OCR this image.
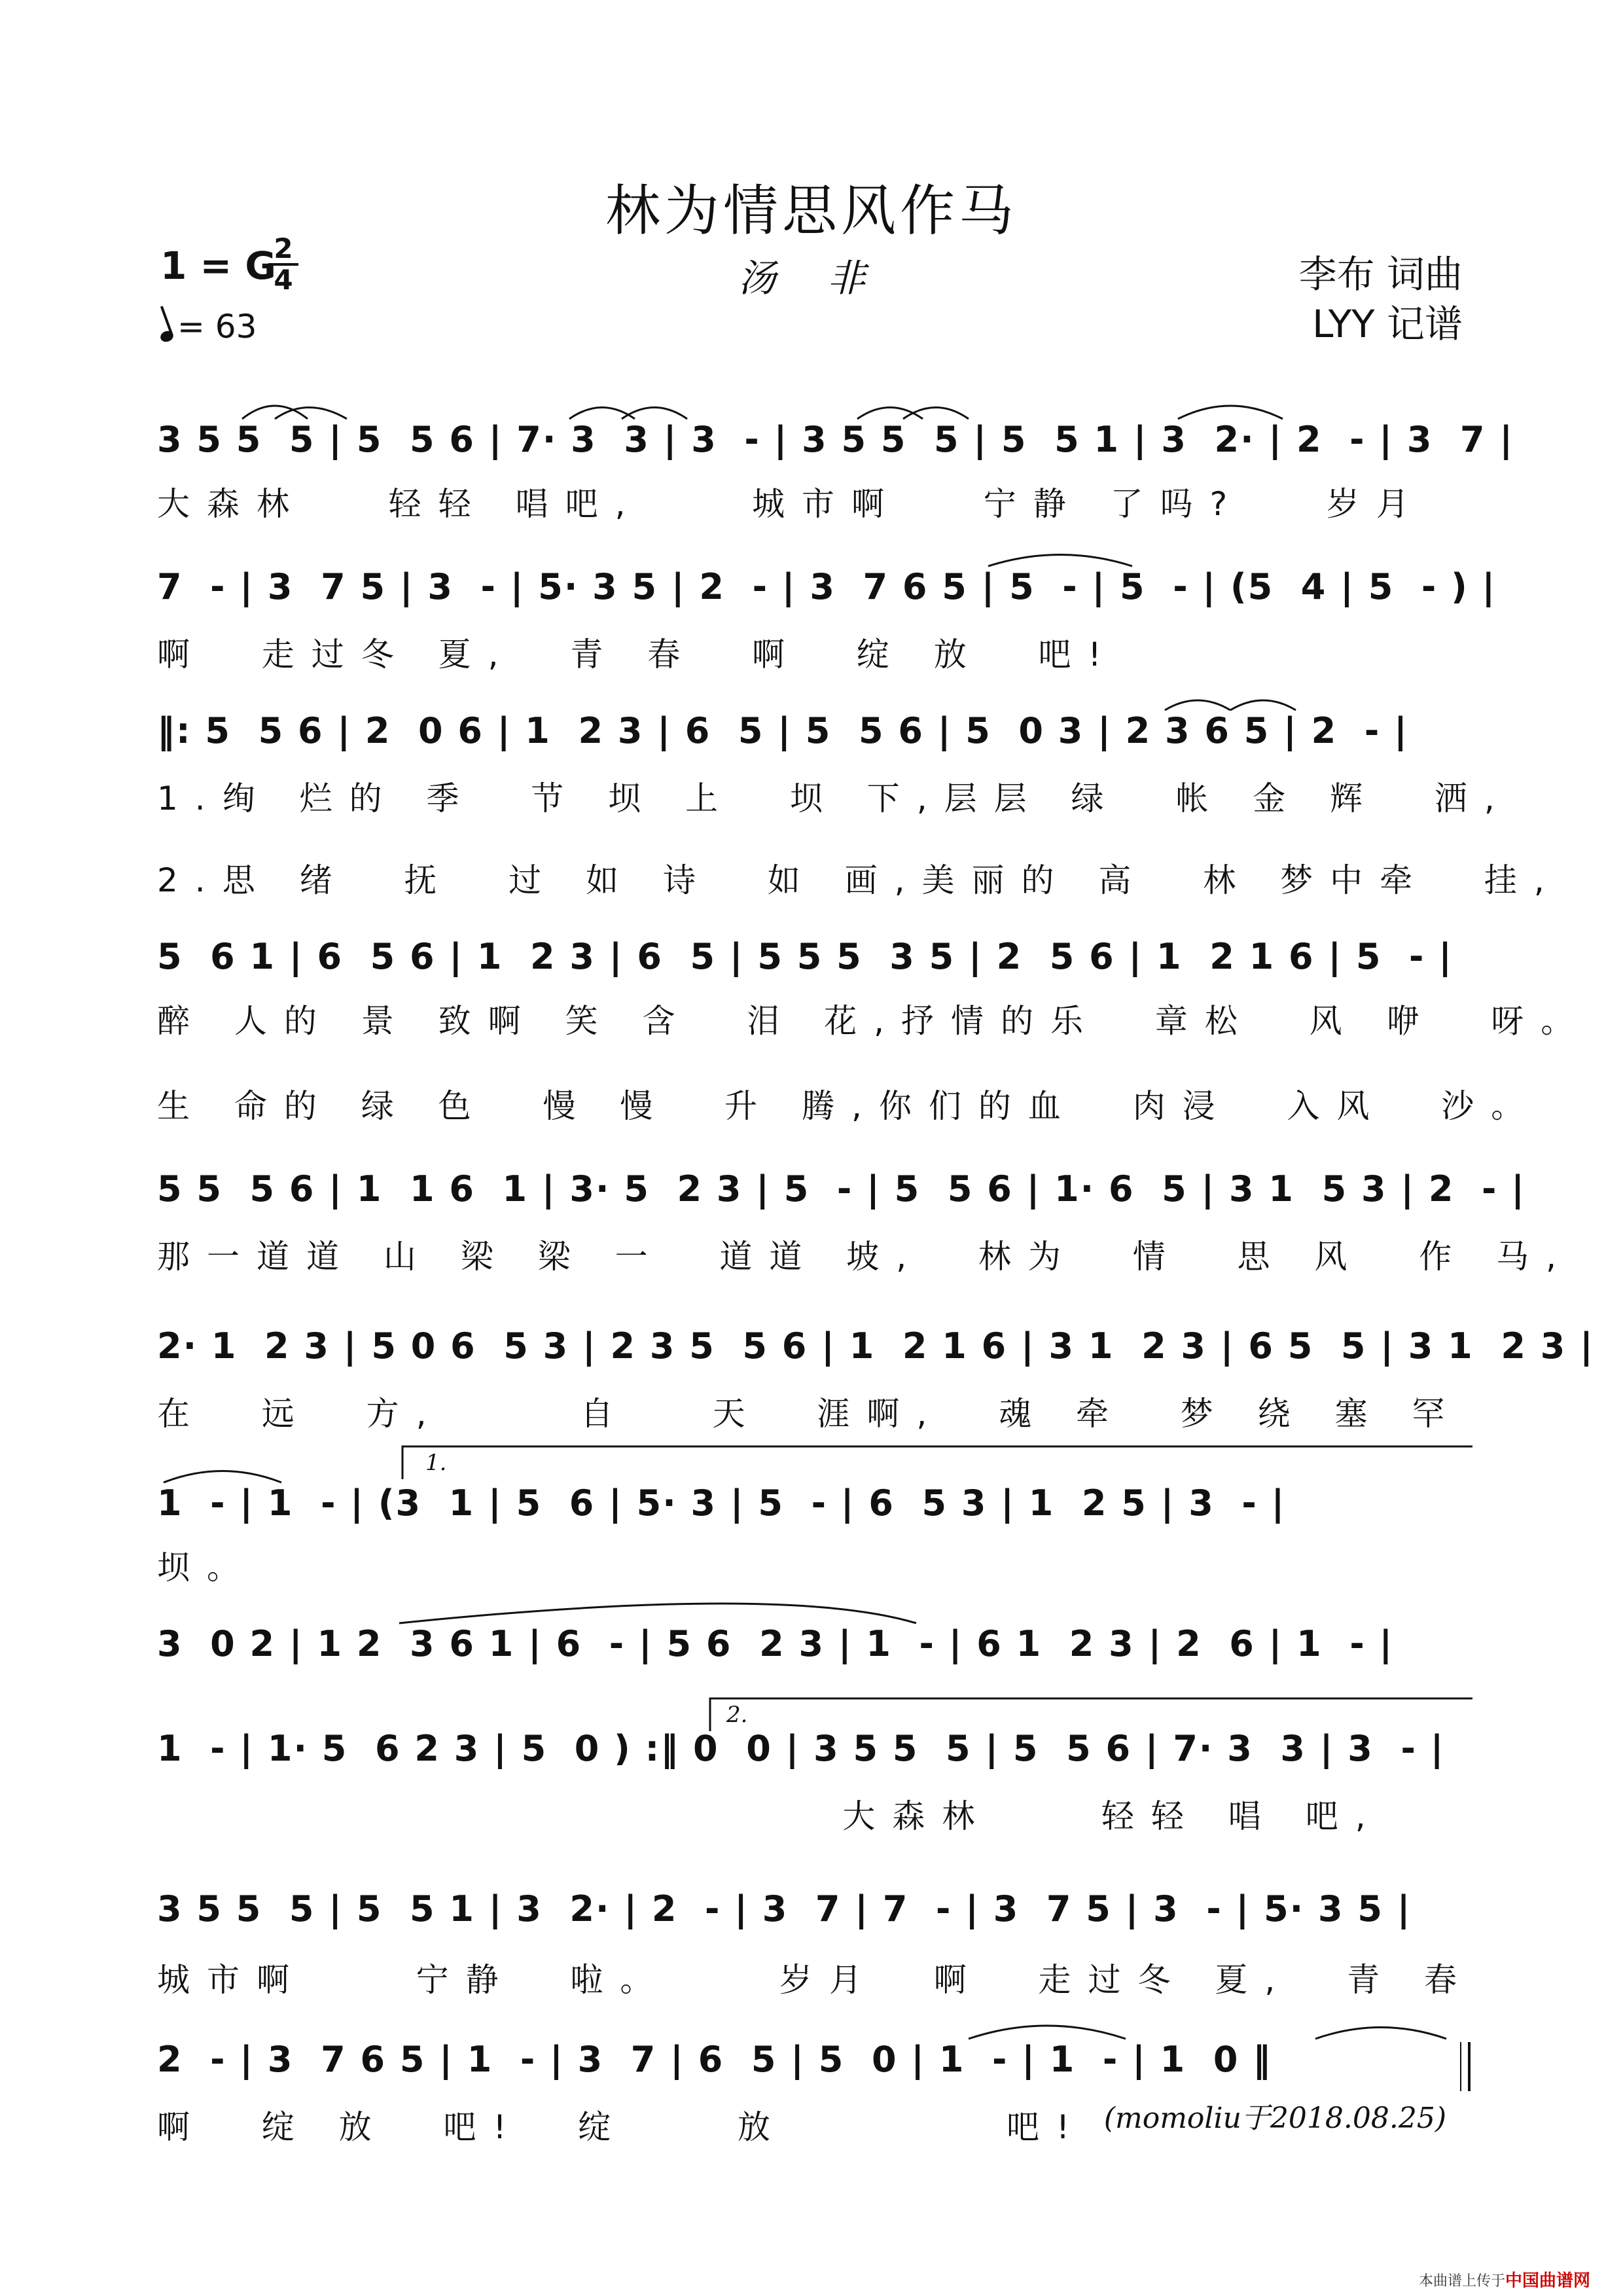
林为情思风作马
1 = G
2
4
= 63
汤 非	李布 词曲
LYY 记谱
3 5 5  5 | 5  5 6 | 7· 3  3 | 3  - | 3 5 5  5 | 5  5 1 | 3  2· | 2  - | 3  7 |
大森林   轻轻 唱吧,    城市啊   宁静 了吗?   岁月
7  - | 3  7 5 | 3  - | 5· 3 5 | 2  - | 3  7 6 5 | 5  - | 5  - | (5  4 | 5  - ) |
啊  走过冬 夏,  青 春  啊  绽 放  吧!
‖: 5  5 6 | 2  0 6 | 1  2 3 | 6  5 | 5  5 6 | 5  0 3 | 2 3 6 5 | 2  - |
1.绚 烂的 季  节 坝 上  坝 下,层层 绿  帐 金 辉  洒,
2.思 绪  抚  过 如 诗  如 画,美丽的 高  林 梦中牵  挂,
5  6 1 | 6  5 6 | 1  2 3 | 6  5 | 5 5 5  3 5 | 2  5 6 | 1  2 1 6 | 5  - |
醉 人的 景 致啊 笑 含  泪 花,抒情的乐  章松  风 咿  呀。
生 命的 绿 色  慢 慢  升 腾,你们的血  肉浸  入风  沙。
5 5  5 6 | 1  1 6  1 | 3· 5  2 3 | 5  - | 5  5 6 | 1· 6  5 | 3 1  5 3 | 2  - |
那一道道 山 梁 梁 一  道道 坡,  林为  情  思 风  作 马,
2· 1  2 3 | 5 0 6  5 3 | 2 3 5  5 6 | 1  2 1 6 | 3 1  2 3 | 6 5  5 | 3 1  2 3 |
在  远  方,     自   天  涯啊,  魂 牵  梦 绕 塞 罕
1  - | 1  - | (3  1 | 5  6 | 5· 3 | 5  - | 6  5 3 | 1  2 5 | 3  - |
坝。
1.
3  0 2 | 1 2  3 6 1 | 6  - | 5 6  2 3 | 1  - | 6 1  2 3 | 2  6 | 1  - |
1  - | 1· 5  6 2 3 | 5  0 ) :‖ 0  0 | 3 5 5  5 | 5  5 6 | 7· 3  3 | 3  - |
大森林    轻轻 唱 吧,
2.
3 5 5  5 | 5  5 1 | 3  2· | 2  - | 3  7 | 7  - | 3  7 5 | 3  - | 5· 3 5 |
城市啊    宁静  啦。    岁月  啊  走过冬 夏,  青 春
2  - | 3  7 6 5 | 1  - | 3  7 | 6  5 | 5  0 | 1  - | 1  - | 1  0 ‖
啊  绽 放  吧!  绽    放        吧! (momoliu于2018.08.25)
本曲谱上传于 中国曲谱网
